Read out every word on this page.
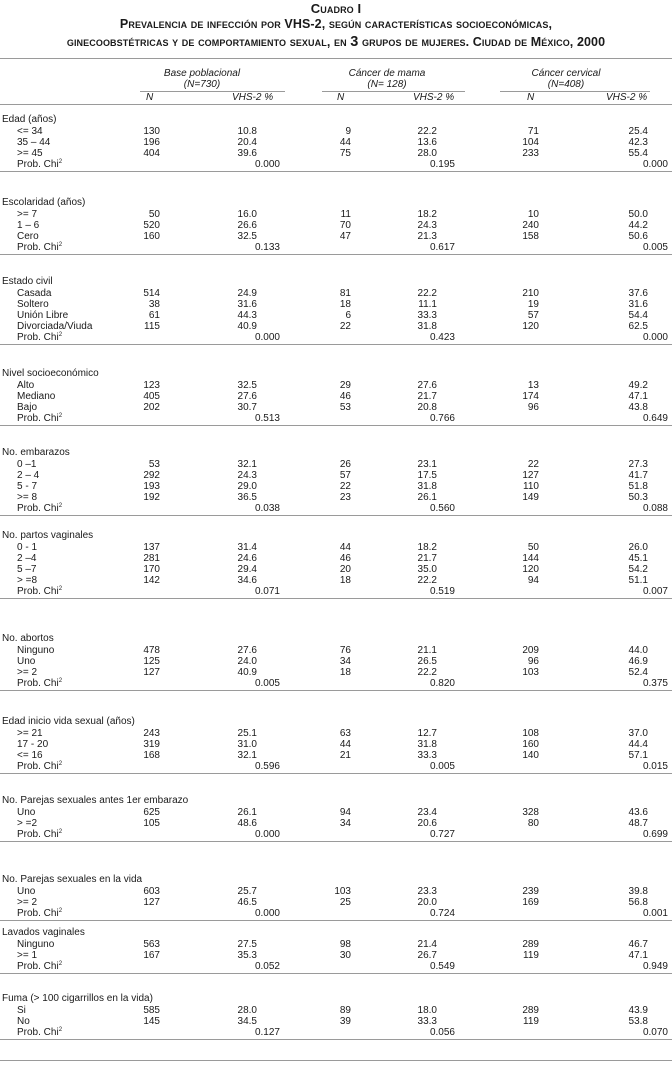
Cuadro I
Prevalencia de infección por VHS-2, según características socioeconómicas,
ginecoobstétricas y de comportamiento sexual, en 3 grupos de mujeres. Ciudad de México, 2000
Base poblacional
(N=730)
Cáncer de mama
(N= 128)
Cáncer cervical
(N=408)
N	VHS-2 %	N	VHS-2 %	N	VHS-2 %
Edad (años)
<= 34	130	10.8	9	22.2	71	25.4
35 – 44	196	20.4	44	13.6	104	42.3
>= 45	404	39.6	75	28.0	233	55.4
Prob. Chi$^2$	0.000	0.195	0.000
Escolaridad (años)
>= 7	50	16.0	11	18.2	10	50.0
1 – 6	520	26.6	70	24.3	240	44.2
Cero	160	32.5	47	21.3	158	50.6
Prob. Chi$^2$	0.133	0.617	0.005
Estado civil
Casada	514	24.9	81	22.2	210	37.6
Soltero	38	31.6	18	11.1	19	31.6
Unión Libre	61	44.3	6	33.3	57	54.4
Divorciada/Viuda	115	40.9	22	31.8	120	62.5
Prob. Chi$^2$	0.000	0.423	0.000
Nivel socioeconómico
Alto	123	32.5	29	27.6	13	49.2
Mediano	405	27.6	46	21.7	174	47.1
Bajo	202	30.7	53	20.8	96	43.8
Prob. Chi$^2$	0.513	0.766	0.649
No. embarazos
0 –1	53	32.1	26	23.1	22	27.3
2 – 4	292	24.3	57	17.5	127	41.7
5 - 7	193	29.0	22	31.8	110	51.8
>= 8	192	36.5	23	26.1	149	50.3
Prob. Chi$^2$	0.038	0.560	0.088
No. partos vaginales
0 - 1	137	31.4	44	18.2	50	26.0
2 –4	281	24.6	46	21.7	144	45.1
5 –7	170	29.4	20	35.0	120	54.2
> =8	142	34.6	18	22.2	94	51.1
Prob. Chi$^2$	0.071	0.519	0.007
No. abortos
Ninguno	478	27.6	76	21.1	209	44.0
Uno	125	24.0	34	26.5	96	46.9
>= 2	127	40.9	18	22.2	103	52.4
Prob. Chi$^2$	0.005	0.820	0.375
Edad inicio vida sexual (años)
>= 21	243	25.1	63	12.7	108	37.0
17 - 20	319	31.0	44	31.8	160	44.4
<= 16	168	32.1	21	33.3	140	57.1
Prob. Chi$^2$	0.596	0.005	0.015
No. Parejas sexuales antes 1er embarazo
Uno	625	26.1	94	23.4	328	43.6
> =2	105	48.6	34	20.6	80	48.7
Prob. Chi$^2$	0.000	0.727	0.699
No. Parejas sexuales en la vida
Uno	603	25.7	103	23.3	239	39.8
>= 2	127	46.5	25	20.0	169	56.8
Prob. Chi$^2$	0.000	0.724	0.001
Lavados vaginales
Ninguno	563	27.5	98	21.4	289	46.7
>= 1	167	35.3	30	26.7	119	47.1
Prob. Chi$^2$	0.052	0.549	0.949
Fuma (> 100 cigarrillos en la vida)
Si	585	28.0	89	18.0	289	43.9
No	145	34.5	39	33.3	119	53.8
Prob. Chi$^2$	0.127	0.056	0.070
